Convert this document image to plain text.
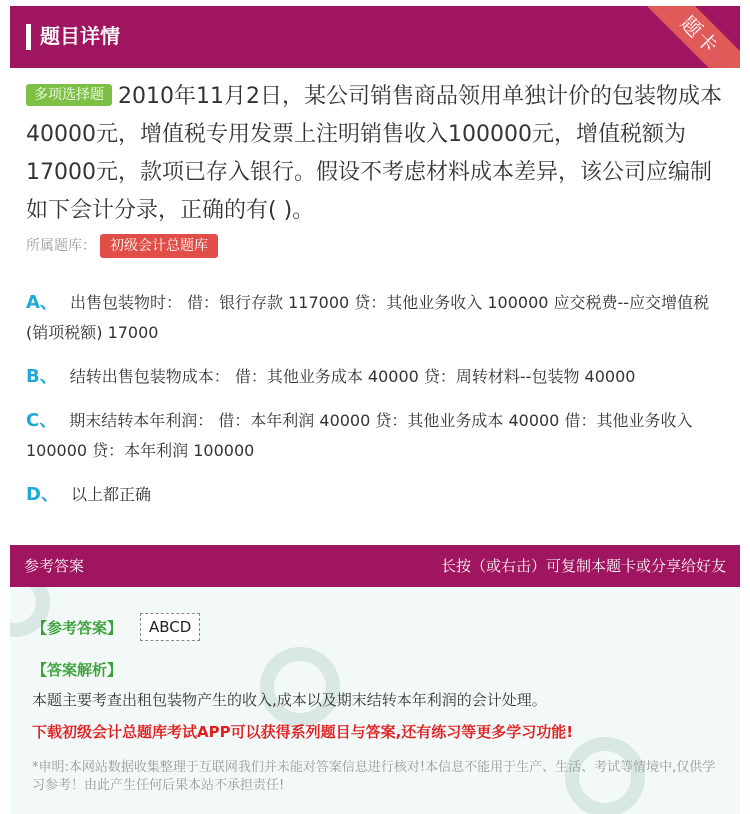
题目详情	题卡
多项选择题 2010年11月2日，某公司销售商品领用单独计价的包装物成本40000元，增值税专用发票上注明销售收入100000元，增值税额为17000元，款项已存入银行。假设不考虑材料成本差异，该公司应编制如下会计分录，正确的有( )。
所属题库： 初级会计总题库
A、 出售包装物时： 借：银行存款 117000 贷：其他业务收入 100000 应交税费--应交增值税(销项税额) 17000
B、 结转出售包装物成本： 借：其他业务成本 40000 贷：周转材料--包装物 40000
C、 期末结转本年利润： 借：本年利润 40000 贷：其他业务成本 40000 借：其他业务收入 100000 贷：本年利润 100000
D、 以上都正确
参考答案	长按（或右击）可复制本题卡或分享给好友
【参考答案】	ABCD
【答案解析】
本题主要考查出租包装物产生的收入,成本以及期末结转本年利润的会计处理。
下载初级会计总题库考试APP可以获得系列题目与答案,还有练习等更多学习功能!
*申明:本网站数据收集整理于互联网我们并未能对答案信息进行核对!本信息不能用于生产、生活、考试等情境中,仅供学习参考！由此产生任何后果本站不承担责任!
